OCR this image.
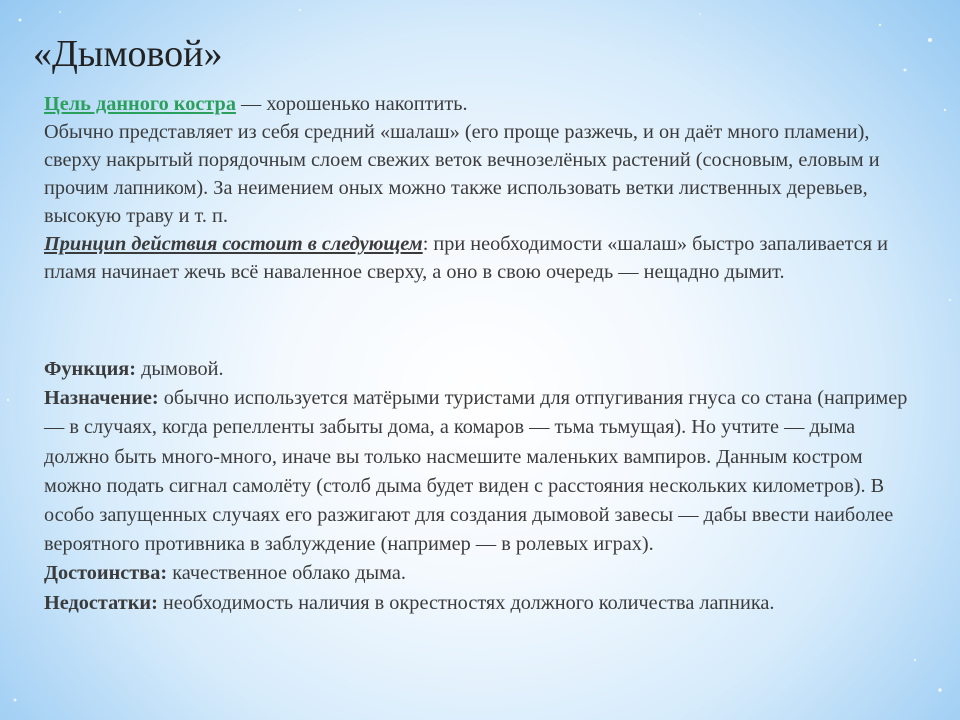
«Дымовой»

Цель данного костра — хорошенько накоптить.

Обычно представляет из себя средний «шалаш» (его проще разжечь, и он даёт много пламени), сверху накрытый порядочным слоем свежих веток вечнозелёных растений (сосновым, еловым и прочим лапником). За неимением оных можно также использовать ветки лиственных деревьев, высокую траву и т. п.

Принцип действия состоит в следующем: при необходимости «шалаш» быстро запаливается и пламя начинает жечь всё наваленное сверху, а оно в свою очередь — нещадно дымит.

Функция: дымовой.

Назначение: обычно используется матёрыми туристами для отпугивания гнуса со стана (например — в случаях, когда репелленты забыты дома, а комаров — тьма тьмущая). Но учтите — дыма должно быть много-много, иначе вы только насмешите маленьких вампиров. Данным костром можно подать сигнал самолёту (столб дыма будет виден с расстояния нескольких километров). В особо запущенных случаях его разжигают для создания дымовой завесы — дабы ввести наиболее вероятного противника в заблуждение (например — в ролевых играх).

Достоинства: качественное облако дыма.

Недостатки: необходимость наличия в окрестностях должного количества лапника.
